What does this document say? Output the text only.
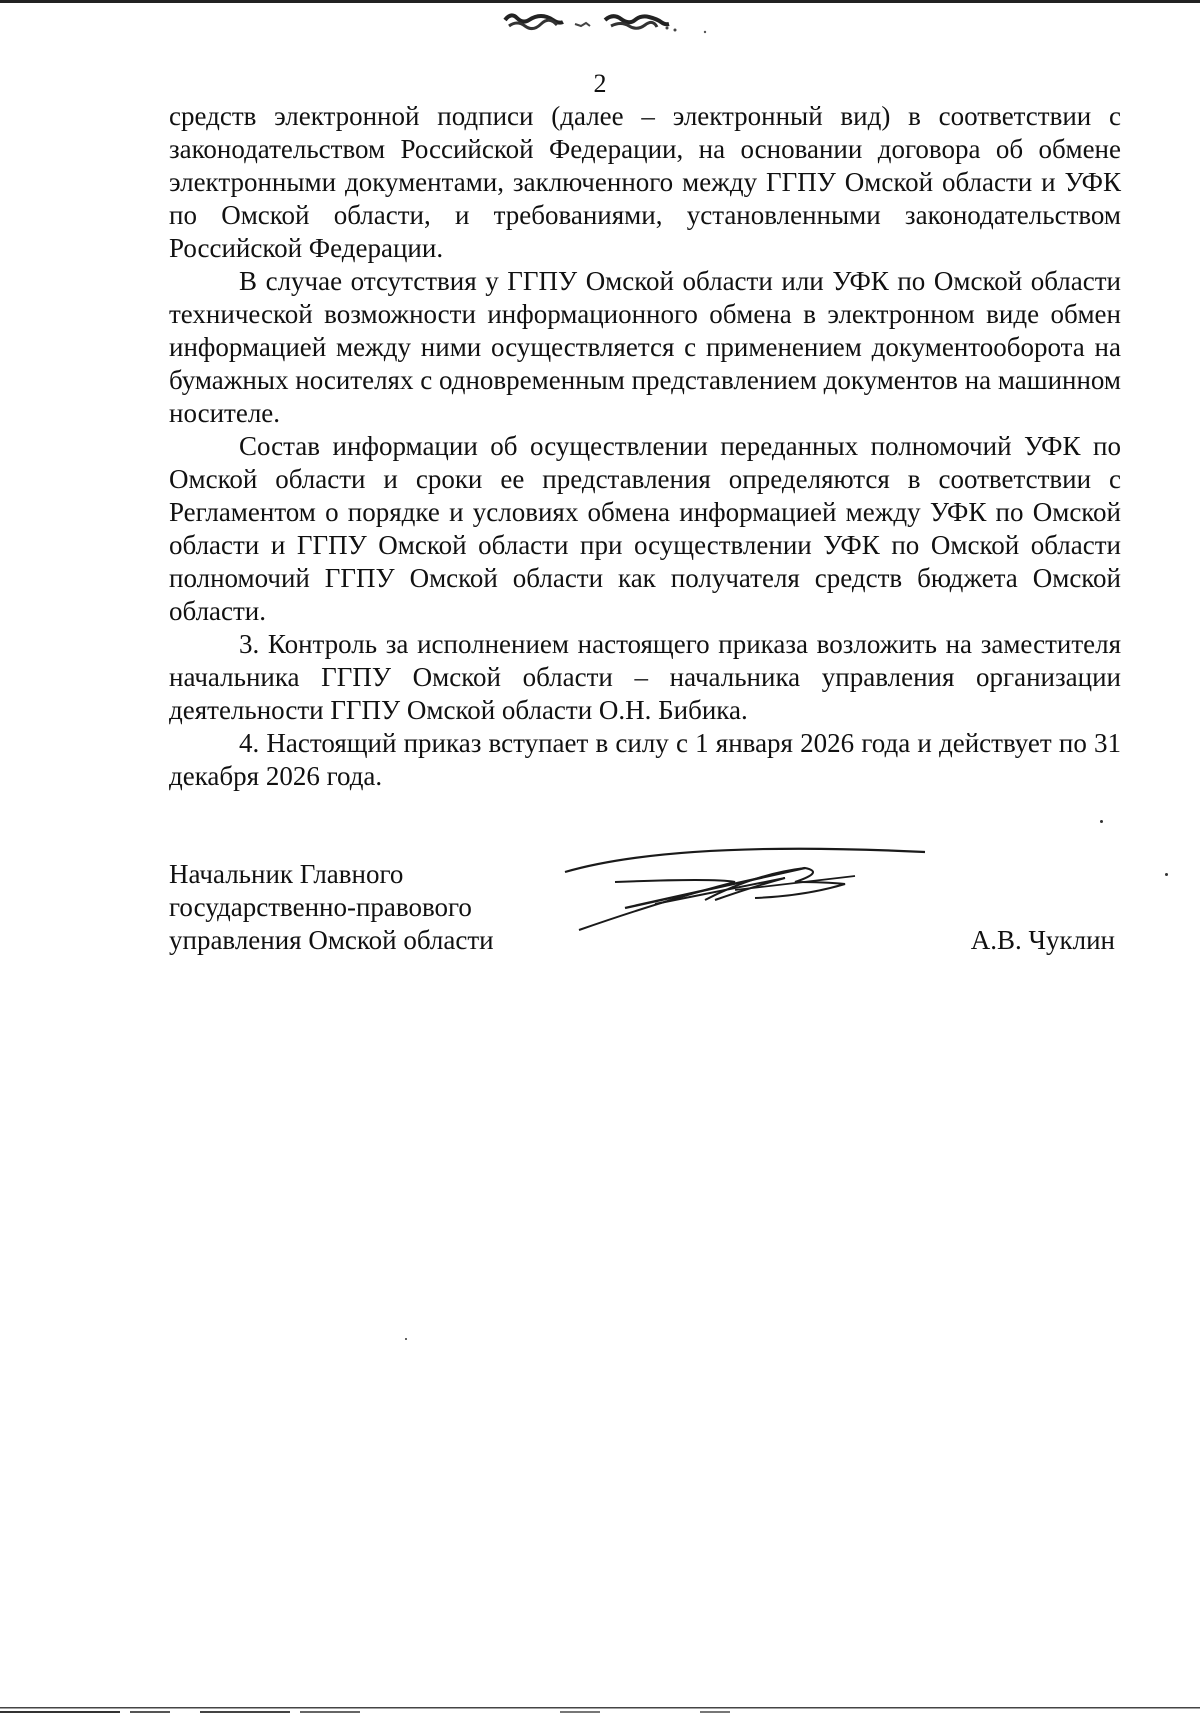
2

средств электронной подписи (далее – электронный вид) в соответствии с законодательством Российской Федерации, на основании договора об обмене электронными документами, заключенного между ГГПУ Омской области и УФК по Омской области, и требованиями, установленными законодательством Российской Федерации.

В случае отсутствия у ГГПУ Омской области или УФК по Омской области технической возможности информационного обмена в электронном виде обмен информацией между ними осуществляется с применением документооборота на бумажных носителях с одновременным представлением документов на машинном носителе.

Состав информации об осуществлении переданных полномочий УФК по Омской области и сроки ее представления определяются в соответствии с Регламентом о порядке и условиях обмена информацией между УФК по Омской области и ГГПУ Омской области при осуществлении УФК по Омской области полномочий ГГПУ Омской области как получателя средств бюджета Омской области.

3. Контроль за исполнением настоящего приказа возложить на заместителя начальника ГГПУ Омской области – начальника управления организации деятельности ГГПУ Омской области О.Н. Бибика.

4. Настоящий приказ вступает в силу с 1 января 2026 года и действует по 31 декабря 2026 года.

Начальник Главного
государственно-правового
управления Омской области	А.В. Чуклин
